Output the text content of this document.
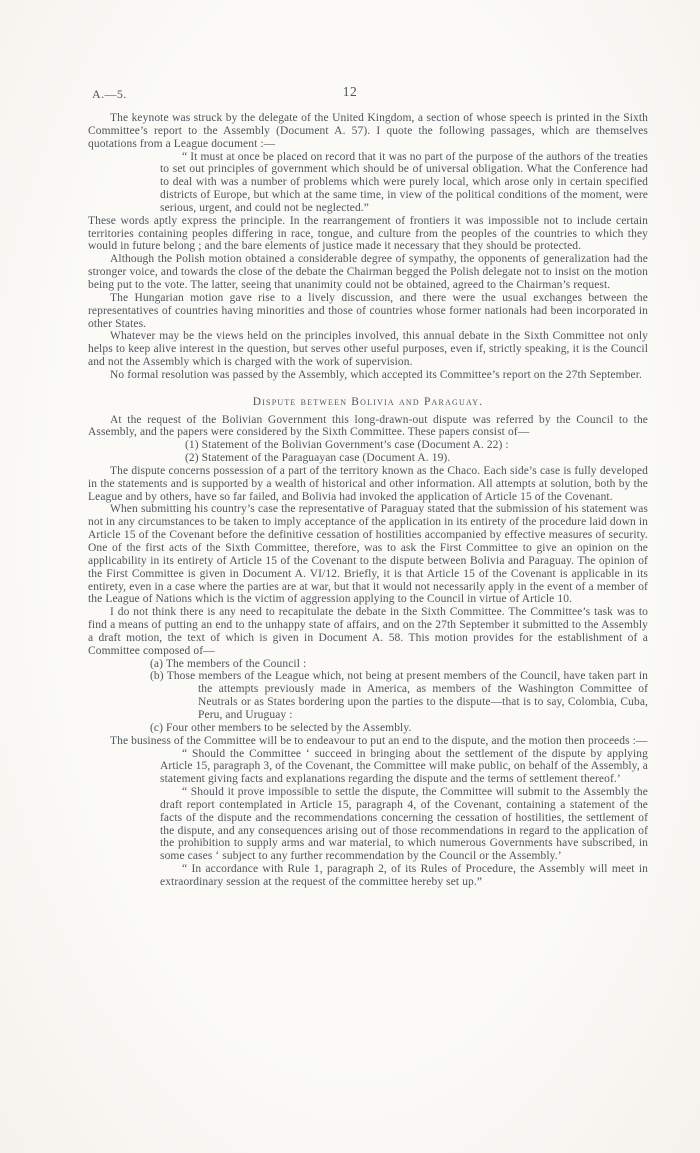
A.—5.	12

The keynote was struck by the delegate of the United Kingdom, a section of whose speech is printed in the Sixth Committee’s report to the Assembly (Document A. 57). I quote the following passages, which are themselves quotations from a League document :—

“ It must at once be placed on record that it was no part of the purpose of the authors of the treaties to set out principles of government which should be of universal obligation. What the Conference had to deal with was a number of problems which were purely local, which arose only in certain specified districts of Europe, but which at the same time, in view of the political conditions of the moment, were serious, urgent, and could not be neglected.”

These words aptly express the principle. In the rearrangement of frontiers it was impossible not to include certain territories containing peoples differing in race, tongue, and culture from the peoples of the countries to which they would in future belong ; and the bare elements of justice made it necessary that they should be protected.

Although the Polish motion obtained a considerable degree of sympathy, the opponents of generalization had the stronger voice, and towards the close of the debate the Chairman begged the Polish delegate not to insist on the motion being put to the vote. The latter, seeing that unanimity could not be obtained, agreed to the Chairman’s request.

The Hungarian motion gave rise to a lively discussion, and there were the usual exchanges between the representatives of countries having minorities and those of countries whose former nationals had been incorporated in other States.

Whatever may be the views held on the principles involved, this annual debate in the Sixth Committee not only helps to keep alive interest in the question, but serves other useful purposes, even if, strictly speaking, it is the Council and not the Assembly which is charged with the work of supervision.

No formal resolution was passed by the Assembly, which accepted its Committee’s report on the 27th September.

Dispute between Bolivia and Paraguay.

At the request of the Bolivian Government this long-drawn-out dispute was referred by the Council to the Assembly, and the papers were considered by the Sixth Committee. These papers consist of—

(1) Statement of the Bolivian Government’s case (Document A. 22) :

(2) Statement of the Paraguayan case (Document A. 19).

The dispute concerns possession of a part of the territory known as the Chaco. Each side’s case is fully developed in the statements and is supported by a wealth of historical and other information. All attempts at solution, both by the League and by others, have so far failed, and Bolivia had invoked the application of Article 15 of the Covenant.

When submitting his country’s case the representative of Paraguay stated that the submission of his statement was not in any circumstances to be taken to imply acceptance of the application in its entirety of the procedure laid down in Article 15 of the Covenant before the definitive cessation of hostilities accompanied by effective measures of security. One of the first acts of the Sixth Committee, therefore, was to ask the First Committee to give an opinion on the applicability in its entirety of Article 15 of the Covenant to the dispute between Bolivia and Paraguay. The opinion of the First Committee is given in Document A. VI/12. Briefly, it is that Article 15 of the Covenant is applicable in its entirety, even in a case where the parties are at war, but that it would not necessarily apply in the event of a member of the League of Nations which is the victim of aggression applying to the Council in virtue of Article 10.

I do not think there is any need to recapitulate the debate in the Sixth Committee. The Committee’s task was to find a means of putting an end to the unhappy state of affairs, and on the 27th September it submitted to the Assembly a draft motion, the text of which is given in Document A. 58. This motion provides for the establishment of a Committee composed of—

(a) The members of the Council :

(b) Those members of the League which, not being at present members of the Council, have taken part in the attempts previously made in America, as members of the Washington Committee of Neutrals or as States bordering upon the parties to the dispute—that is to say, Colombia, Cuba, Peru, and Uruguay :

(c) Four other members to be selected by the Assembly.

The business of the Committee will be to endeavour to put an end to the dispute, and the motion then proceeds :—

“ Should the Committee ‘ succeed in bringing about the settlement of the dispute by applying Article 15, paragraph 3, of the Covenant, the Committee will make public, on behalf of the Assembly, a statement giving facts and explanations regarding the dispute and the terms of settlement thereof.’

“ Should it prove impossible to settle the dispute, the Committee will submit to the Assembly the draft report contemplated in Article 15, paragraph 4, of the Covenant, containing a statement of the facts of the dispute and the recommendations concerning the cessation of hostilities, the settlement of the dispute, and any consequences arising out of those recommendations in regard to the application of the prohibition to supply arms and war material, to which numerous Governments have subscribed, in some cases ‘ subject to any further recommendation by the Council or the Assembly.’

“ In accordance with Rule 1, paragraph 2, of its Rules of Procedure, the Assembly will meet in extraordinary session at the request of the committee hereby set up.”
